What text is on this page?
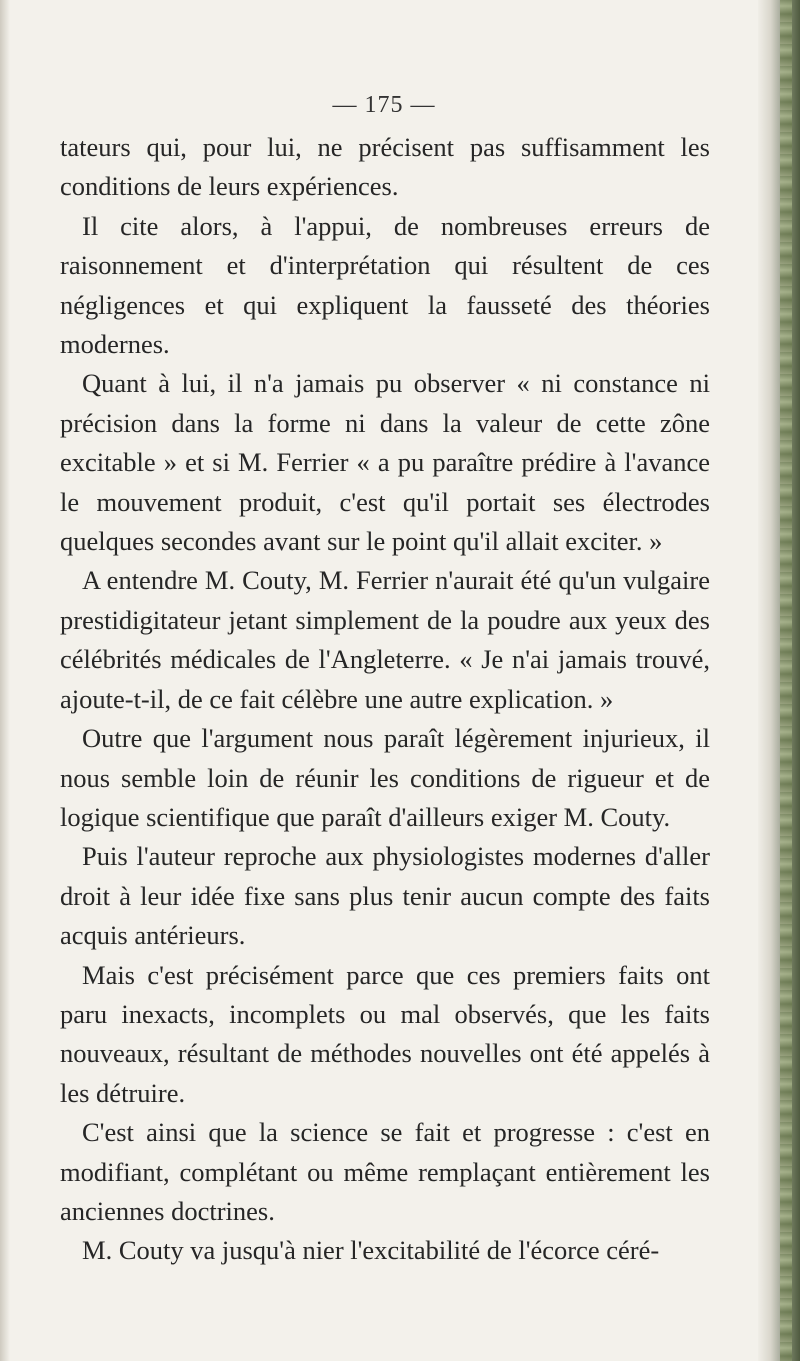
— 175 —

tateurs qui, pour lui, ne précisent pas suffisamment les conditions de leurs expériences.

Il cite alors, à l'appui, de nombreuses erreurs de raisonnement et d'interprétation qui résultent de ces négligences et qui expliquent la fausseté des théories modernes.

Quant à lui, il n'a jamais pu observer « ni constance ni précision dans la forme ni dans la valeur de cette zône excitable » et si M. Ferrier « a pu paraître prédire à l'avance le mouvement produit, c'est qu'il portait ses électrodes quelques secondes avant sur le point qu'il allait exciter. »

A entendre M. Couty, M. Ferrier n'aurait été qu'un vulgaire prestidigitateur jetant simplement de la poudre aux yeux des célébrités médicales de l'Angleterre. « Je n'ai jamais trouvé, ajoute-t-il, de ce fait célèbre une autre explication. »

Outre que l'argument nous paraît légèrement injurieux, il nous semble loin de réunir les conditions de rigueur et de logique scientifique que paraît d'ailleurs exiger M. Couty.

Puis l'auteur reproche aux physiologistes modernes d'aller droit à leur idée fixe sans plus tenir aucun compte des faits acquis antérieurs.

Mais c'est précisément parce que ces premiers faits ont paru inexacts, incomplets ou mal observés, que les faits nouveaux, résultant de méthodes nouvelles ont été appelés à les détruire.

C'est ainsi que la science se fait et progresse : c'est en modifiant, complétant ou même remplaçant entièrement les anciennes doctrines.

M. Couty va jusqu'à nier l'excitabilité de l'écorce céré-
